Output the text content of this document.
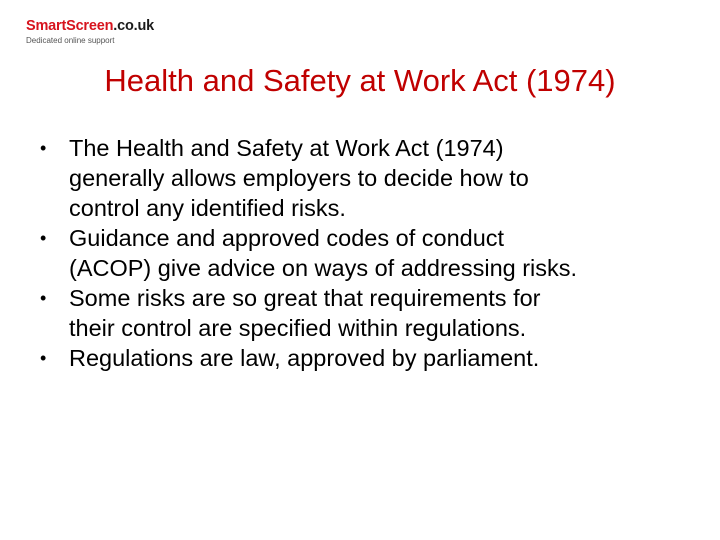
SmartScreen.co.uk
Dedicated online support
Health and Safety at Work Act (1974)
• The Health and Safety at Work Act (1974)
generally allows employers to decide how to
control any identified risks.
• Guidance and approved codes of conduct
(ACOP) give advice on ways of addressing risks.
• Some risks are so great that requirements for
their control are specified within regulations.
• Regulations are law, approved by parliament.
